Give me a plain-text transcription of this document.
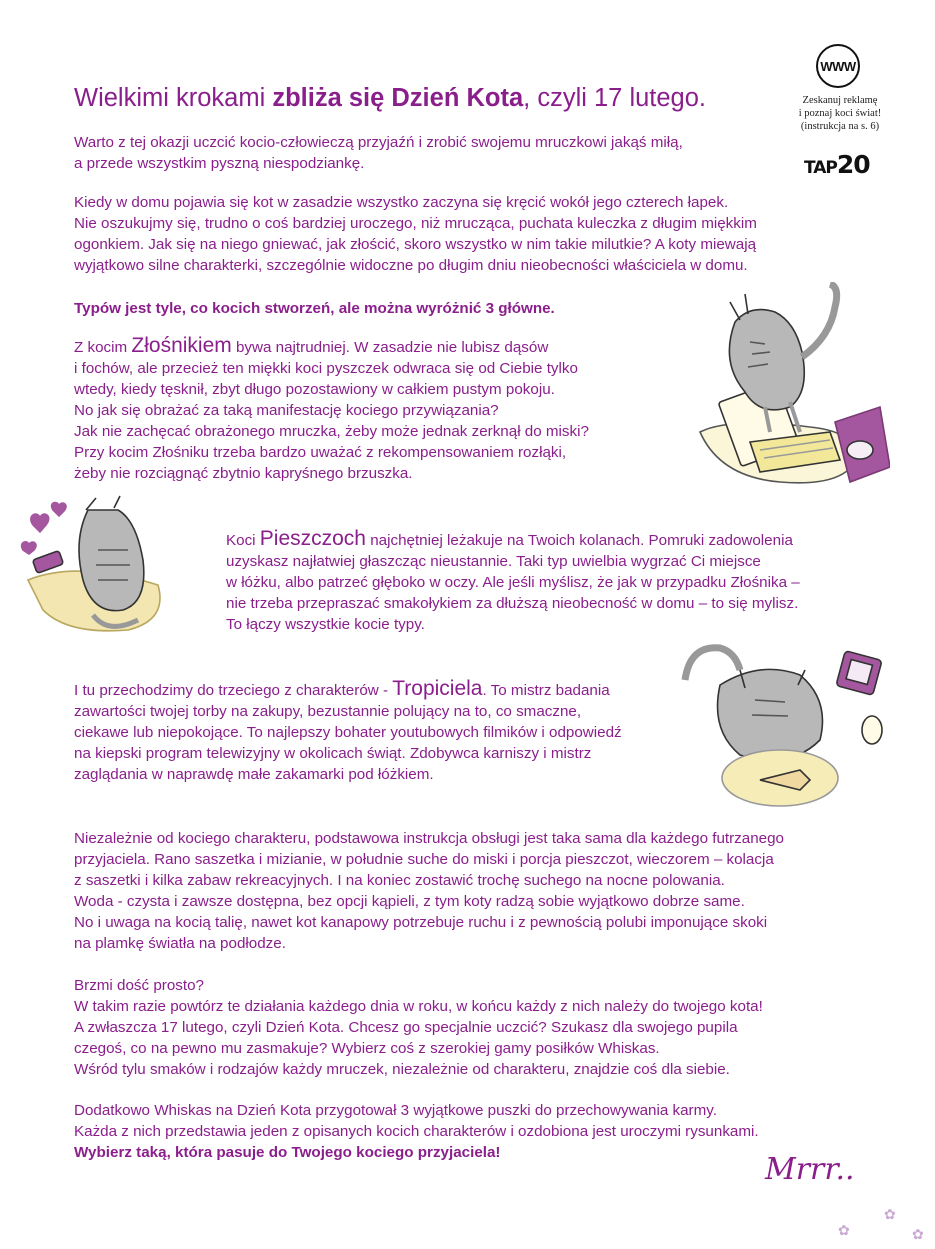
Wielkimi krokami zbliża się Dzień Kota, czyli 17 lutego.
WWW
Zeskanuj reklamę
i poznaj koci świat!
(instrukcja na s. 6)
TAP20

Warto z tej okazji uczcić kocio-człowieczą przyjaźń i zrobić swojemu mruczkowi jakąś miłą,
a przede wszystkim pyszną niespodziankę.

Kiedy w domu pojawia się kot w zasadzie wszystko zaczyna się kręcić wokół jego czterech łapek.
Nie oszukujmy się, trudno o coś bardziej uroczego, niż mrucząca, puchata kuleczka z długim miękkim
ogonkiem. Jak się na niego gniewać, jak złościć, skoro wszystko w nim takie milutkie? A koty miewają
wyjątkowo silne charakterki, szczególnie widoczne po długim dniu nieobecności właściciela w domu.

Typów jest tyle, co kocich stworzeń, ale można wyróżnić 3 główne.

Z kocim Złośnikiem bywa najtrudniej. W zasadzie nie lubisz dąsów

i fochów, ale przecież ten miękki koci pyszczek odwraca się od Ciebie tylko
wtedy, kiedy tęsknił, zbyt długo pozostawiony w całkiem pustym pokoju.
No jak się obrażać za taką manifestację kociego przywiązania?
Jak nie zachęcać obrażonego mruczka, żeby może jednak zerknął do miski?
Przy kocim Złośniku trzeba bardzo uważać z rekompensowaniem rozłąki,
żeby nie rozciągnąć zbytnio kapryśnego brzuszka.

Koci Pieszczoch najchętniej leżakuje na Twoich kolanach. Pomruki zadowolenia

uzyskasz najłatwiej głaszcząc nieustannie. Taki typ uwielbia wygrzać Ci miejsce
w łóżku, albo patrzeć głęboko w oczy. Ale jeśli myślisz, że jak w przypadku Złośnika –
nie trzeba przepraszać smakołykiem za dłuższą nieobecność w domu – to się mylisz.
To łączy wszystkie kocie typy.

I tu przechodzimy do trzeciego z charakterów - Tropiciela. To mistrz badania

zawartości twojej torby na zakupy, bezustannie polujący na to, co smaczne,
ciekawe lub niepokojące. To najlepszy bohater youtubowych filmików i odpowiedź
na kiepski program telewizyjny w okolicach świąt. Zdobywca karniszy i mistrz
zaglądania w naprawdę małe zakamarki pod łóżkiem.

Niezależnie od kociego charakteru, podstawowa instrukcja obsługi jest taka sama dla każdego futrzanego
przyjaciela. Rano saszetka i mizianie, w południe suche do miski i porcja pieszczot, wieczorem – kolacja
z saszetki i kilka zabaw rekreacyjnych. I na koniec zostawić trochę suchego na nocne polowania.
Woda - czysta i zawsze dostępna, bez opcji kąpieli, z tym koty radzą sobie wyjątkowo dobrze same.
No i uwaga na kocią talię, nawet kot kanapowy potrzebuje ruchu i z pewnością polubi imponujące skoki
na plamkę światła na podłodze.

Brzmi dość prosto?
W takim razie powtórz te działania każdego dnia w roku, w końcu każdy z nich należy do twojego kota!
A zwłaszcza 17 lutego, czyli Dzień Kota. Chcesz go specjalnie uczcić? Szukasz dla swojego pupila
czegoś, co na pewno mu zasmakuje? Wybierz coś z szerokiej gamy posiłków Whiskas.
Wśród tylu smaków i rodzajów każdy mruczek, niezależnie od charakteru, znajdzie coś dla siebie.

Dodatkowo Whiskas na Dzień Kota przygotował 3 wyjątkowe puszki do przechowywania karmy.
Każda z nich przedstawia jeden z opisanych kocich charakterów i ozdobiona jest uroczymi rysunkami.

Wybierz taką, która pasuje do Twojego kociego przyjaciela!	Mrrr..
✿
✿
✿
